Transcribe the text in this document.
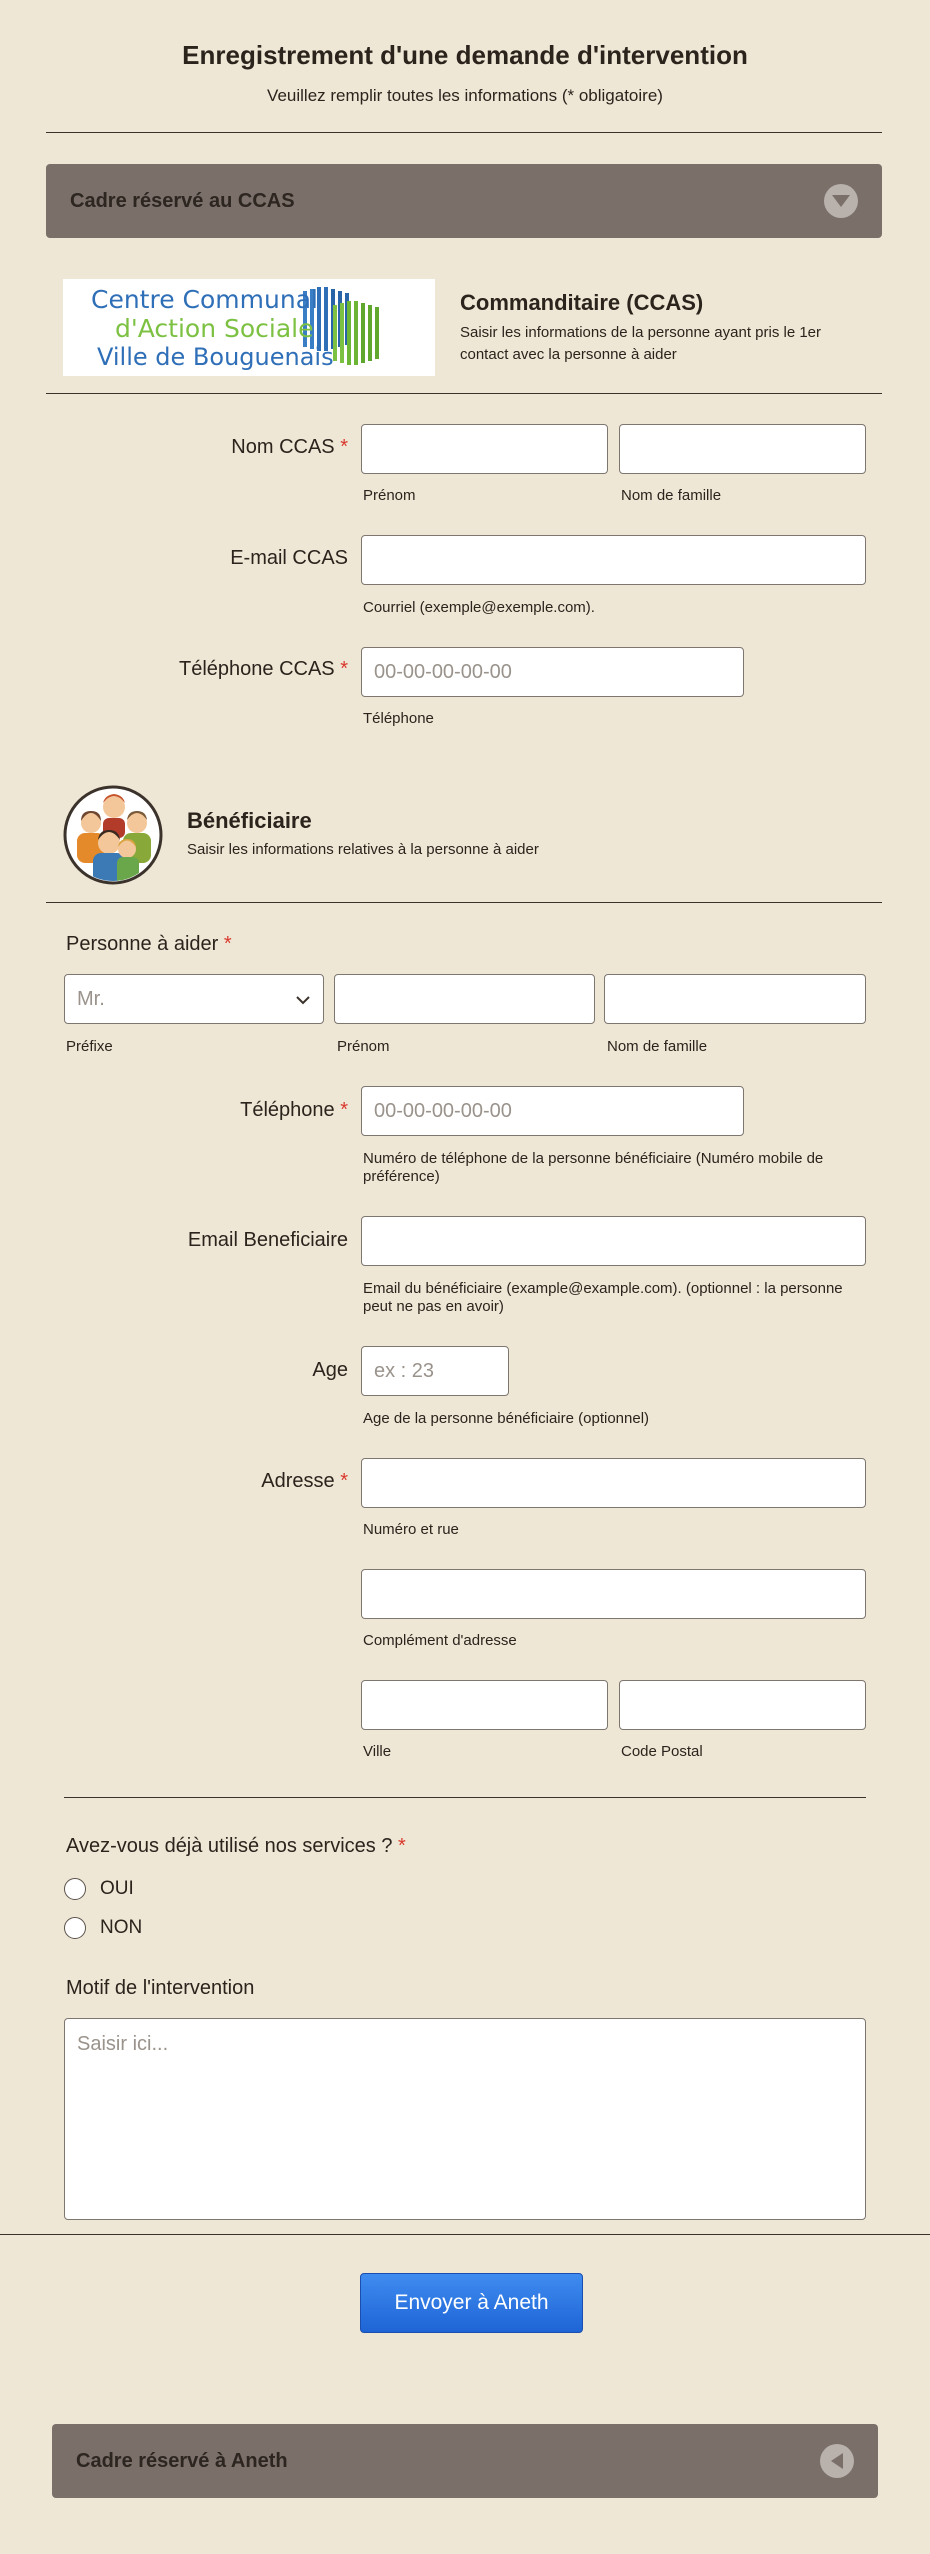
Enregistrement d'une demande d'intervention
Veuillez remplir toutes les informations (* obligatoire)
Cadre réservé au CCAS
Centre Communal
d'Action Sociale
Ville de Bouguenais
Commanditaire (CCAS)
Saisir les informations de la personne ayant pris le 1er
contact avec la personne à aider
Nom CCAS *
Prénom	Nom de famille
E-mail CCAS
Courriel (exemple@exemple.com).
Téléphone CCAS * 00-00-00-00-00
Téléphone
Bénéficiaire
Saisir les informations relatives à la personne à aider
Personne à aider *
Mr.
Préfixe	Prénom	Nom de famille
Téléphone * 00-00-00-00-00
Numéro de téléphone de la personne bénéficiaire (Numéro mobile de
préférence)
Email Beneficiaire
Email du bénéficiaire (example@example.com). (optionnel : la personne
peut ne pas en avoir)
Age ex : 23
Age de la personne bénéficiaire (optionnel)
Adresse *
Numéro et rue
Complément d'adresse
Ville	Code Postal
Avez-vous déjà utilisé nos services ? *
OUI
NON
Motif de l'intervention
Saisir ici...
Envoyer à Aneth
Cadre réservé à Aneth
